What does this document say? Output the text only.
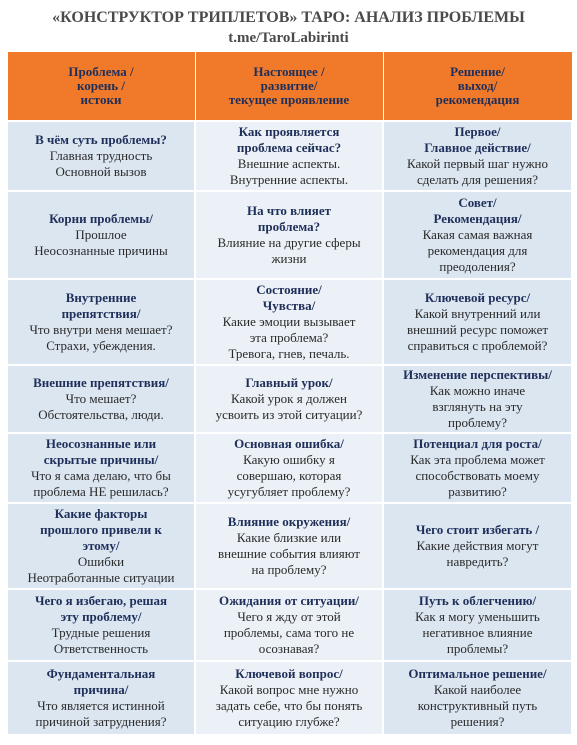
«КОНСТРУКТОР ТРИПЛЕТОВ» ТАРО: АНАЛИЗ ПРОБЛЕМЫ
t.me/TaroLabirinti
Проблема /
корень /
истоки	Настоящее /
развитие/
текущее проявление	Решение/
выход/
рекомендация

В чём суть проблемы?
Главная трудность
Основной вызов	Как проявляется
проблема сейчас?
Внешние аспекты.
Внутренние аспекты.	Первое/
Главное действие/
Какой первый шаг нужно
сделать для решения?

Корни проблемы/
Прошлое
Неосознанные причины	На что влияет
проблема?
Влияние на другие сферы
жизни	Совет/
Рекомендация/
Какая самая важная
рекомендация для
преодоления?

Внутренние
препятствия/
Что внутри меня мешает?
Страхи, убеждения.	Состояние/
Чувства/
Какие эмоции вызывает
эта проблема?
Тревога, гнев, печаль.	Ключевой ресурс/
Какой внутренний или
внешний ресурс поможет
справиться с проблемой?

Внешние препятствия/
Что мешает?
Обстоятельства, люди.	Главный урок/
Какой урок я должен
усвоить из этой ситуации?	Изменение перспективы/
Как можно иначе
взглянуть на эту
проблему?

Неосознанные или
скрытые причины/
Что я сама делаю, что бы
проблема НЕ решилась?	Основная ошибка/
Какую ошибку я
совершаю, которая
усугубляет проблему?	Потенциал для роста/
Как эта проблема может
способствовать моему
развитию?

Какие факторы
прошлого привели к
этому/
Ошибки
Неотработанные ситуации	Влияние окружения/
Какие близкие или
внешние события влияют
на проблему?	Чего стоит избегать /
Какие действия могут
навредить?

Чего я избегаю, решая
эту проблему/
Трудные решения
Ответственность	Ожидания от ситуации/
Чего я жду от этой
проблемы, сама того не
осознавая?	Путь к облегчению/
Как я могу уменьшить
негативное влияние
проблемы?

Фундаментальная
причина/
Что является истинной
причиной затруднения?	Ключевой вопрос/
Какой вопрос мне нужно
задать себе, что бы понять
ситуацию глубже?	Оптимальное решение/
Какой наиболее
конструктивный путь
решения?
